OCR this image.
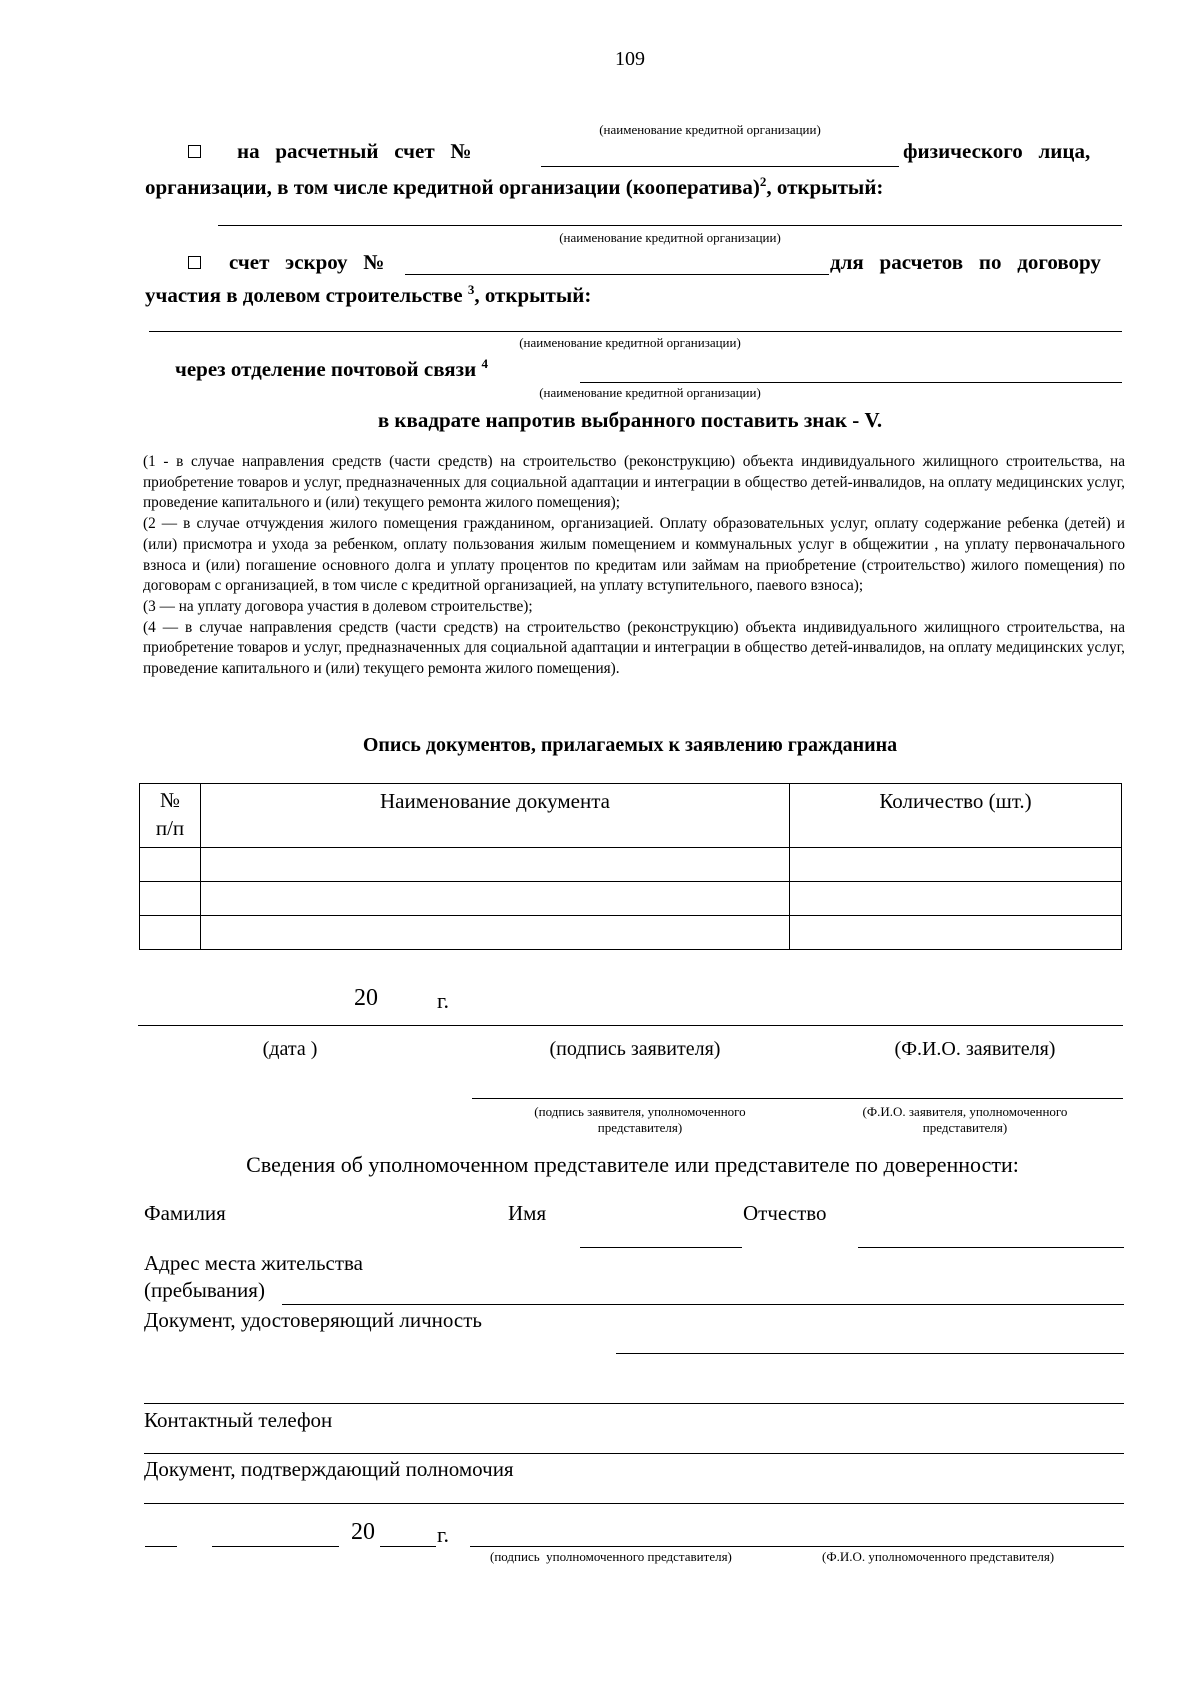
109
(наименование кредитной организации)
на   расчетный   счет   №	физического   лица,
организации, в том числе кредитной организации (кооператива)$^2$, открытый:
(наименование кредитной организации)
счет   эскроу   №	для   расчетов   по   договору
участия в долевом строительстве $^3$, открытый:
(наименование кредитной организации)
через отделение почтовой связи $^4$
(наименование кредитной организации)
в квадрате напротив выбранного поставить знак - V.

(1 - в случае направления средств (части средств) на строительство (реконструкцию) объекта индивидуального жилищного строительства, на приобретение товаров и услуг, предназначенных для социальной адаптации и интеграции в общество детей-инвалидов, на оплату медицинских услуг, проведение капитального и (или) текущего ремонта жилого помещения);

(2 — в случае отчуждения жилого помещения гражданином, организацией. Оплату образовательных услуг, оплату содержание ребенка (детей) и (или) присмотра и ухода за ребенком, оплату пользования жилым помещением и коммунальных услуг в общежитии , на уплату первоначального взноса и (или) погашение основного долга и уплату процентов по кредитам или займам на приобретение (строительство) жилого помещения) по договорам с организацией, в том числе с кредитной организацией, на уплату вступительного, паевого взноса);

(3 — на уплату договора участия в долевом строительстве);

(4 — в случае направления средств (части средств) на строительство (реконструкцию) объекта индивидуального жилищного строительства, на приобретение товаров и услуг, предназначенных для социальной адаптации и интеграции в общество детей-инвалидов, на оплату медицинских услуг, проведение капитального и (или) текущего ремонта жилого помещения).

Опись документов, прилагаемых к заявлению гражданина
№
п/п	Наименование документа	Количество (шт.)

20	г.
(дата )	(подпись заявителя)	(Ф.И.О. заявителя)
(подпись заявителя, уполномоченного представителя)
(Ф.И.О. заявителя, уполномоченного представителя)
Сведения об уполномоченном представителе или представителе по доверенности:
Фамилия	Имя	Отчество
Адрес места жительства
(пребывания)
Документ, удостоверяющий личность
Контактный телефон
Документ, подтверждающий полномочия
20	г.
(подпись  уполномоченного представителя)	(Ф.И.О. уполномоченного представителя)
